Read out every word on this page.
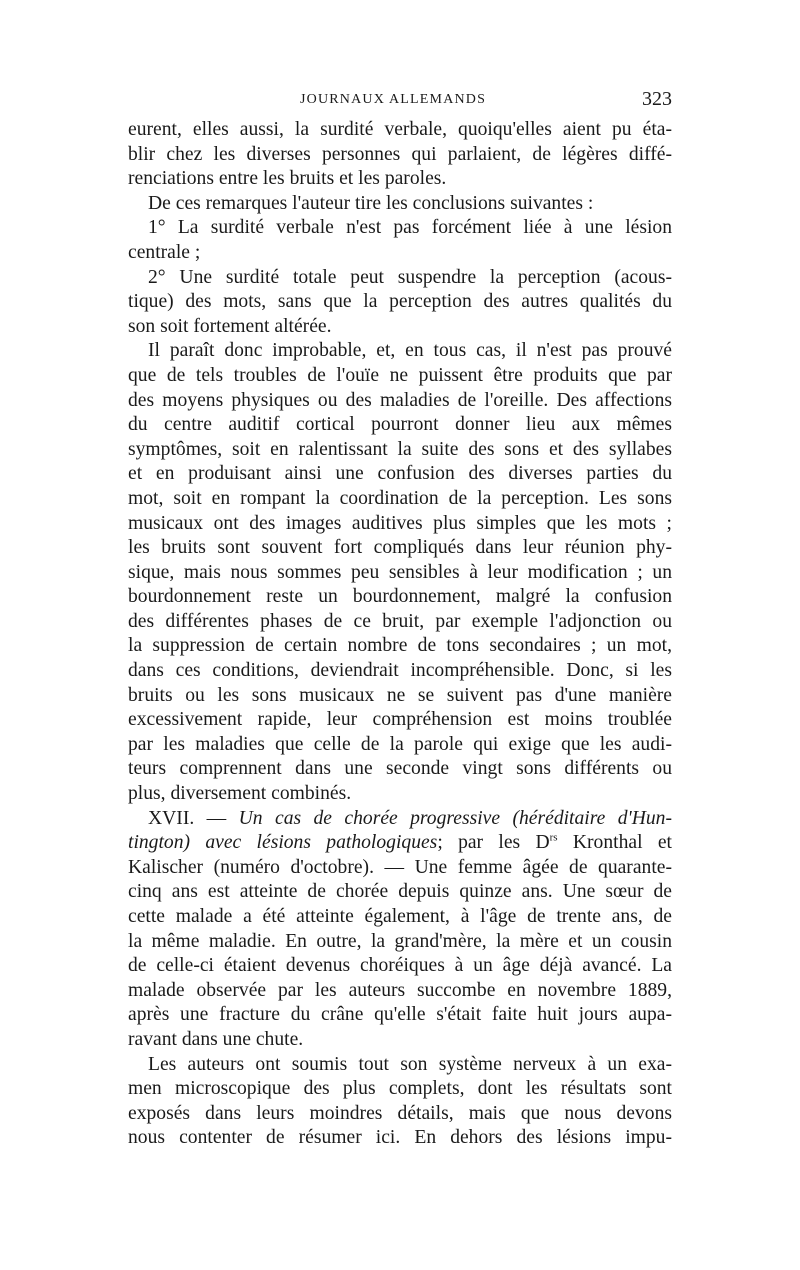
JOURNAUX ALLEMANDS	323
eurent, elles aussi, la surdité verbale, quoiqu'elles aient pu éta-
blir chez les diverses personnes qui parlaient, de légères diffé-
renciations entre les bruits et les paroles.
De ces remarques l'auteur tire les conclusions suivantes :
1° La surdité verbale n'est pas forcément liée à une lésion
centrale ;
2° Une surdité totale peut suspendre la perception (acous-
tique) des mots, sans que la perception des autres qualités du
son soit fortement altérée.
Il paraît donc improbable, et, en tous cas, il n'est pas prouvé
que de tels troubles de l'ouïe ne puissent être produits que par
des moyens physiques ou des maladies de l'oreille. Des affections
du centre auditif cortical pourront donner lieu aux mêmes
symptômes, soit en ralentissant la suite des sons et des syllabes
et en produisant ainsi une confusion des diverses parties du
mot, soit en rompant la coordination de la perception. Les sons
musicaux ont des images auditives plus simples que les mots ;
les bruits sont souvent fort compliqués dans leur réunion phy-
sique, mais nous sommes peu sensibles à leur modification ; un
bourdonnement reste un bourdonnement, malgré la confusion
des différentes phases de ce bruit, par exemple l'adjonction ou
la suppression de certain nombre de tons secondaires ; un mot,
dans ces conditions, deviendrait incompréhensible. Donc, si les
bruits ou les sons musicaux ne se suivent pas d'une manière
excessivement rapide, leur compréhension est moins troublée
par les maladies que celle de la parole qui exige que les audi-
teurs comprennent dans une seconde vingt sons différents ou
plus, diversement combinés.
XVII. — Un cas de chorée progressive (héréditaire d'Hun-
tington) avec lésions pathologiques; par les $D^{rs}$ Kronthal et
Kalischer (numéro d'octobre). — Une femme âgée de quarante-
cinq ans est atteinte de chorée depuis quinze ans. Une sœur de
cette malade a été atteinte également, à l'âge de trente ans, de
la même maladie. En outre, la grand'mère, la mère et un cousin
de celle-ci étaient devenus choréiques à un âge déjà avancé. La
malade observée par les auteurs succombe en novembre 1889,
après une fracture du crâne qu'elle s'était faite huit jours aupa-
ravant dans une chute.
Les auteurs ont soumis tout son système nerveux à un exa-
men microscopique des plus complets, dont les résultats sont
exposés dans leurs moindres détails, mais que nous devons
nous contenter de résumer ici. En dehors des lésions impu-
